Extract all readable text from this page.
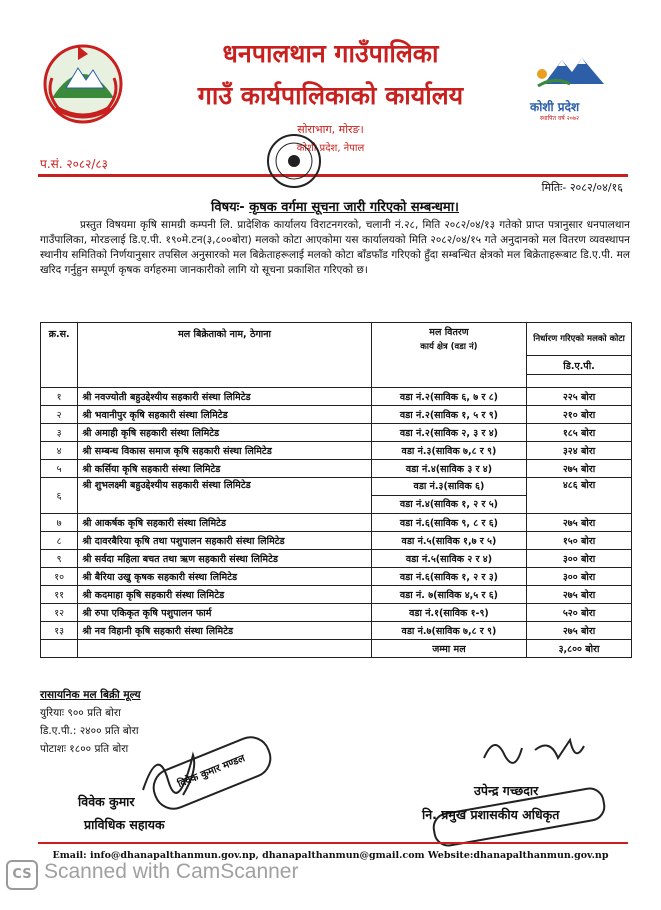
कोशी प्रदेश
स्थापित वर्ष २०७२
धनपालथान गाउँपालिका
गाउँ कार्यपालिकाको कार्यालय
सोराभाग, मोरङ।
कोशी प्रदेश, नेपाल
प.सं. २०८२/८३
मितिः- २०८२/०४/१६
विषयः- कृषक वर्गमा सूचना जारी गरिएको सम्बन्धमा।
प्रस्तुत विषयमा कृषि सामग्री कम्पनी लि. प्रादेशिक कार्यालय विराटनगरको, चलानी नं.२८, मिति २०८२/०४/१३ गतेको प्राप्त पत्रानुसार धनपालथान गाउँपालिका, मोरङलाई डि.ए.पी. १९०मे.टन(३,८००बोरा) मलको कोटा आएकोमा यस कार्यालयको मिति २०८२/०४/१५ गते अनुदानको मल वितरण व्यवस्थापन स्थानीय समितिको निर्णयानुसार तपसिल अनुसारको मल बिक्रेताहरूलाई मलको कोटा बाँडफाँड गरिएको हुँदा सम्बन्धित क्षेत्रको मल बिक्रेताहरूबाट डि.ए.पी. मल खरिद गर्नुहुन सम्पूर्ण कृषक वर्गहरुमा जानकारीको लागि यो सूचना प्रकाशित गरिएको छ।
क्र.स.	मल बिक्रेताको नाम, ठेगाना	मल वितरण
कार्य क्षेत्र (वडा नं)	निर्धारण गरिएको मलको कोटा
			डि.ए.पी.

१	श्री नवज्योती बहुउद्देश्यीय सहकारी संस्था लिमिटेड	वडा नं.२(साविक ६, ७ र ८)	२२५ बोरा
२	श्री भवानीपुर कृषि सहकारी संस्था लिमिटेड	वडा नं.२(साविक १, ५ र ९)	२१० बोरा
३	श्री अमाही कृषि सहकारी संस्था लिमिटेड	वडा नं.२(साविक २, ३ र ४)	१८५ बोरा
४	श्री सम्बन्ध विकास समाज कृषि सहकारी संस्था लिमिटेड	वडा नं.३(साविक ७,८ र ९)	३२४ बोरा
५	श्री कर्सिया कृषि सहकारी संस्था लिमिटेड	वडा नं.४(साविक ३ र ४)	२७५ बोरा
६	श्री शुभलक्ष्मी बहुउद्देश्यीय सहकारी संस्था लिमिटेड	वडा नं.३(साविक ६)
वडा नं.४(साविक १, २ र ५)	४८६ बोरा
७	श्री आकर्षक कृषि सहकारी संस्था लिमिटेड	वडा नं.६(साविक ९, ८ र ६)	२७५ बोरा
८	श्री दावरबैरिया कृषि तथा पशुपालन सहकारी संस्था लिमिटेड	वडा नं.५(साविक १,७ र ५)	१५० बोरा
९	श्री सर्वदा महिला बचत तथा ऋण सहकारी संस्था लिमिटेड	वडा नं.५(साविक २ र ४)	३०० बोरा
१०	श्री बैरिया उखु कृषक सहकारी संस्था लिमिटेड	वडा नं.६(साविक १, २ र ३)	३०० बोरा
११	श्री कदमाहा कृषि सहकारी संस्था लिमिटेड	वडा नं. ७(साविक ४,५ र ६)	२७५ बोरा
१२	श्री रुपा एकिकृत कृषि पशुपालन फार्म	वडा नं.१(साविक १-९)	५२० बोरा
१३	श्री नव विहानी कृषि सहकारी संस्था लिमिटेड	वडा नं.७(साविक ७,८ र ९)	२७५ बोरा
		जम्मा मल	३,८०० बोरा
रासायनिक मल बिक्री मूल्य
युरियाः ९०० प्रति बोरा
डि.ए.पी.: २४०० प्रति बोरा
पोटाशः १८०० प्रति बोरा
विवेक कुमार मण्डल
विवेक कुमार
प्राविधिक सहायक
उपेन्द्र गच्छदार
नि. प्रमुख प्रशासकीय अधिकृत
Email: info@dhanapalthanmun.gov.np, dhanapalthanmun@gmail.com Website:dhanapalthanmun.gov.np
CS Scanned with CamScanner
